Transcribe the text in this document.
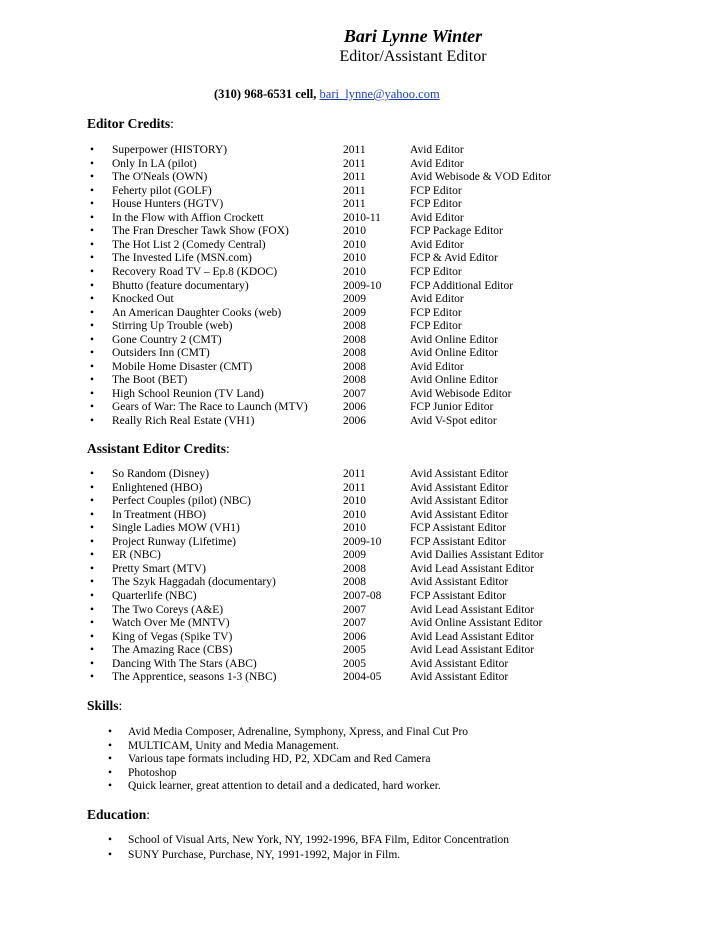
Bari Lynne Winter
Editor/Assistant Editor
(310) 968-6531 cell, bari_lynne@yahoo.com
Editor Credits:
• Superpower (HISTORY)	2011	Avid Editor
• Only In LA (pilot)	2011	Avid Editor
• The O'Neals (OWN)	2011	Avid Webisode & VOD Editor
• Feherty pilot (GOLF)	2011	FCP Editor
• House Hunters (HGTV)	2011	FCP Editor
• In the Flow with Affion Crockett	2010-11	Avid Editor
• The Fran Drescher Tawk Show (FOX)	2010	FCP Package Editor
• The Hot List 2 (Comedy Central)	2010	Avid Editor
• The Invested Life (MSN.com)	2010	FCP & Avid Editor
• Recovery Road TV – Ep.8 (KDOC)	2010	FCP Editor
• Bhutto (feature documentary)	2009-10 FCP Additional Editor
• Knocked Out	2009	Avid Editor
• An American Daughter Cooks (web)	2009	FCP Editor
• Stirring Up Trouble (web)	2008	FCP Editor
• Gone Country 2 (CMT)	2008	Avid Online Editor
• Outsiders Inn (CMT)	2008	Avid Online Editor
• Mobile Home Disaster (CMT)	2008	Avid Editor
• The Boot (BET)	2008	Avid Online Editor
• High School Reunion (TV Land)	2007	Avid Webisode Editor
• Gears of War: The Race to Launch (MTV)	2006	FCP Junior Editor
• Really Rich Real Estate (VH1)	2006	Avid V-Spot editor
Assistant Editor Credits:
• So Random (Disney)	2011	Avid Assistant Editor
• Enlightened (HBO)	2011	Avid Assistant Editor
• Perfect Couples (pilot) (NBC)	2010	Avid Assistant Editor
• In Treatment (HBO)	2010	Avid Assistant Editor
• Single Ladies MOW (VH1)	2010	FCP Assistant Editor
• Project Runway (Lifetime)	2009-10 FCP Assistant Editor
• ER (NBC)	2009	Avid Dailies Assistant Editor
• Pretty Smart (MTV)	2008	Avid Lead Assistant Editor
• The Szyk Haggadah (documentary)	2008	Avid Assistant Editor
• Quarterlife (NBC)	2007-08 FCP Assistant Editor
• The Two Coreys (A&E)	2007	Avid Lead Assistant Editor
• Watch Over Me (MNTV)	2007	Avid Online Assistant Editor
• King of Vegas (Spike TV)	2006	Avid Lead Assistant Editor
• The Amazing Race (CBS)	2005	Avid Lead Assistant Editor
• Dancing With The Stars (ABC)	2005	Avid Assistant Editor
• The Apprentice, seasons 1-3 (NBC)	2004-05 Avid Assistant Editor
Skills:
• Avid Media Composer, Adrenaline, Symphony, Xpress, and Final Cut Pro
• MULTICAM, Unity and Media Management.
• Various tape formats including HD, P2, XDCam and Red Camera
• Photoshop
• Quick learner, great attention to detail and a dedicated, hard worker.
Education:
• School of Visual Arts, New York, NY, 1992-1996, BFA Film, Editor Concentration
• SUNY Purchase, Purchase, NY, 1991-1992, Major in Film.
